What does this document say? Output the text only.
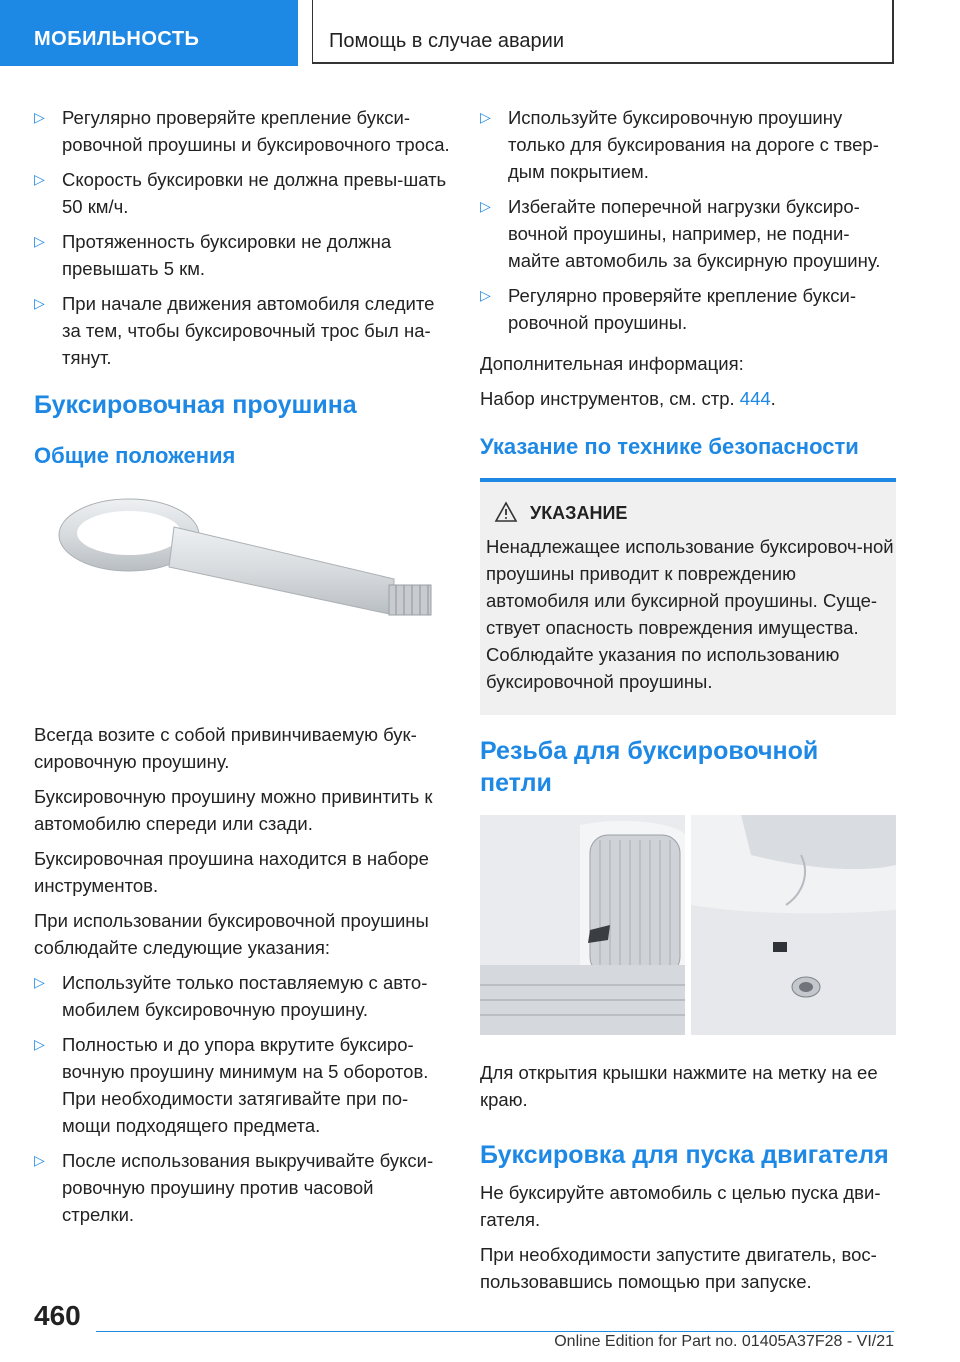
МОБИЛЬНОСТЬ	Помощь в случае аварии
▷ Регулярно проверяйте крепление букси-ровочной проушины и буксировочного троса.
▷ Скорость буксировки не должна превы-шать 50 км/ч.
▷ Протяженность буксировки не должна превышать 5 км.
▷ При начале движения автомобиля следите за тем, чтобы буксировочный трос был на-тянут.
Буксировочная проушина
Общие положения

Всегда возите с собой привинчиваемую бук-сировочную проушину.

Буксировочную проушину можно привинтить к автомобилю спереди или сзади.

Буксировочная проушина находится в наборе инструментов.

При использовании буксировочной проушины соблюдайте следующие указания:

▷ Используйте только поставляемую с авто-мобилем буксировочную проушину.
▷ Полностью и до упора вкрутите буксиро-вочную проушину минимум на 5 оборотов. При необходимости затягивайте при по-мощи подходящего предмета.
▷ После использования выкручивайте букси-ровочную проушину против часовой стрелки.
▷ Используйте буксировочную проушину только для буксирования на дороге с твер-дым покрытием.
▷ Избегайте поперечной нагрузки буксиро-вочной проушины, например, не подни-майте автомобиль за буксирную проушину.
▷ Регулярно проверяйте крепление букси-ровочной проушины.

Дополнительная информация:

Набор инструментов, см. стр. 444.

Указание по технике безопасности
УКАЗАНИЕ
Ненадлежащее использование буксировоч-ной проушины приводит к повреждению автомобиля или буксирной проушины. Суще-ствует опасность повреждения имущества. Соблюдайте указания по использованию буксировочной проушины.
Резьба для буксировочной петли

Для открытия крышки нажмите на метку на ее краю.

Буксировка для пуска двигателя

Не буксируйте автомобиль с целью пуска дви-гателя.

При необходимости запустите двигатель, вос-пользовавшись помощью при запуске.

460
Online Edition for Part no. 01405A37F28 - VI/21
